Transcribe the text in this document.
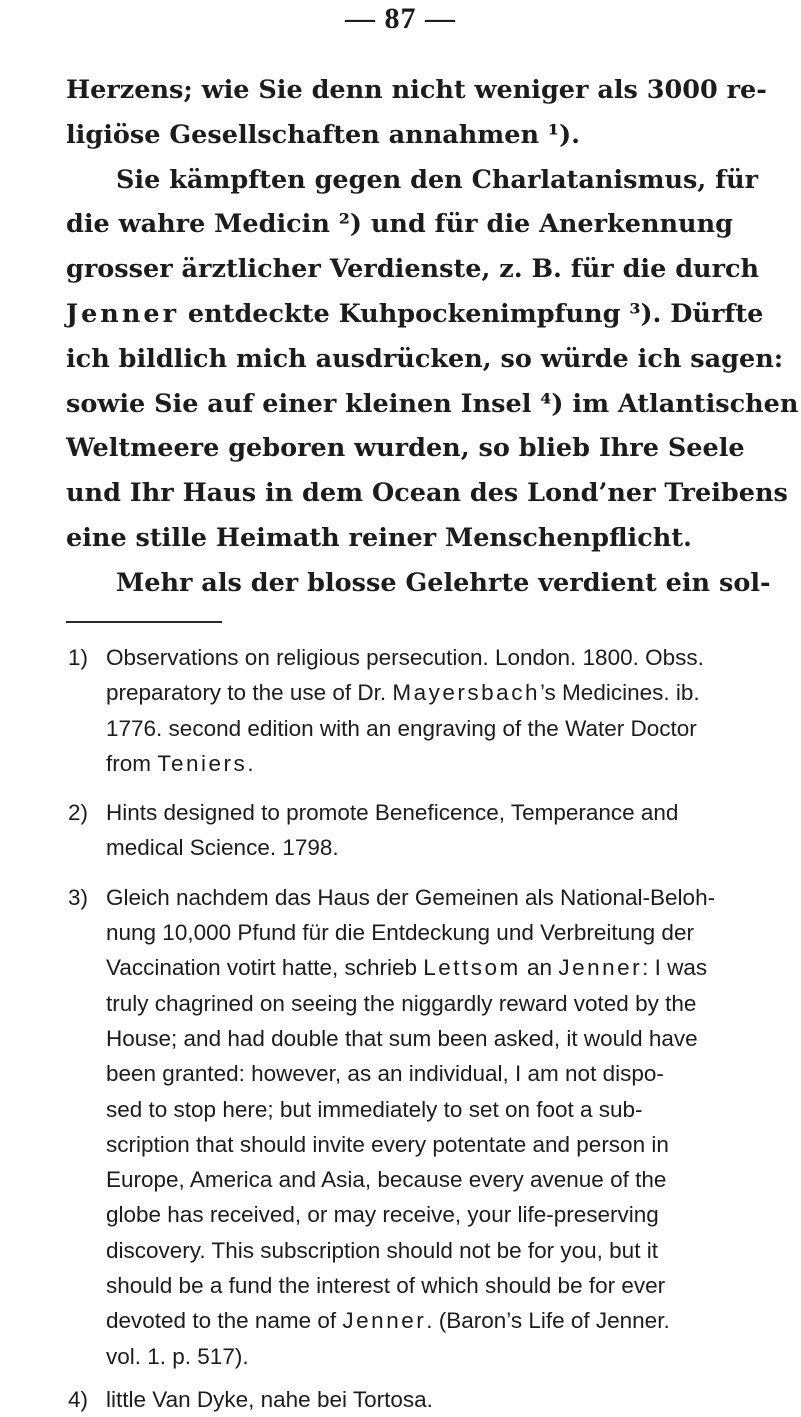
— 87 —
Herzens; wie Sie denn nicht weniger als 3000 re-
ligiöse Gesellschaften annahmen ¹).
Sie kämpften gegen den Charlatanismus, für
die wahre Medicin ²) und für die Anerkennung
grosser ärztlicher Verdienste, z. B. für die durch
Jenner entdeckte Kuhpockenimpfung ³). Dürfte
ich bildlich mich ausdrücken, so würde ich sagen:
sowie Sie auf einer kleinen Insel ⁴) im Atlantischen
Weltmeere geboren wurden, so blieb Ihre Seele
und Ihr Haus in dem Ocean des Lond’ner Treibens
eine stille Heimath reiner Menschenpflicht.
Mehr als der blosse Gelehrte verdient ein sol-
1) Observations on religious persecution. London. 1800. Obss.
preparatory to the use of Dr. Mayersbach’s Medicines. ib.
1776. second edition with an engraving of the Water Doctor
from Teniers.
2) Hints designed to promote Beneficence, Temperance and
medical Science. 1798.
3) Gleich nachdem das Haus der Gemeinen als National-Beloh-
nung 10,000 Pfund für die Entdeckung und Verbreitung der
Vaccination votirt hatte, schrieb Lettsom an Jenner: I was
truly chagrined on seeing the niggardly reward voted by the
House; and had double that sum been asked, it would have
been granted: however, as an individual, I am not dispo-
sed to stop here; but immediately to set on foot a sub-
scription that should invite every potentate and person in
Europe, America and Asia, because every avenue of the
globe has received, or may receive, your life-preserving
discovery. This subscription should not be for you, but it
should be a fund the interest of which should be for ever
devoted to the name of Jenner. (Baron’s Life of Jenner.
vol. 1. p. 517).
4) little Van Dyke, nahe bei Tortosa.
